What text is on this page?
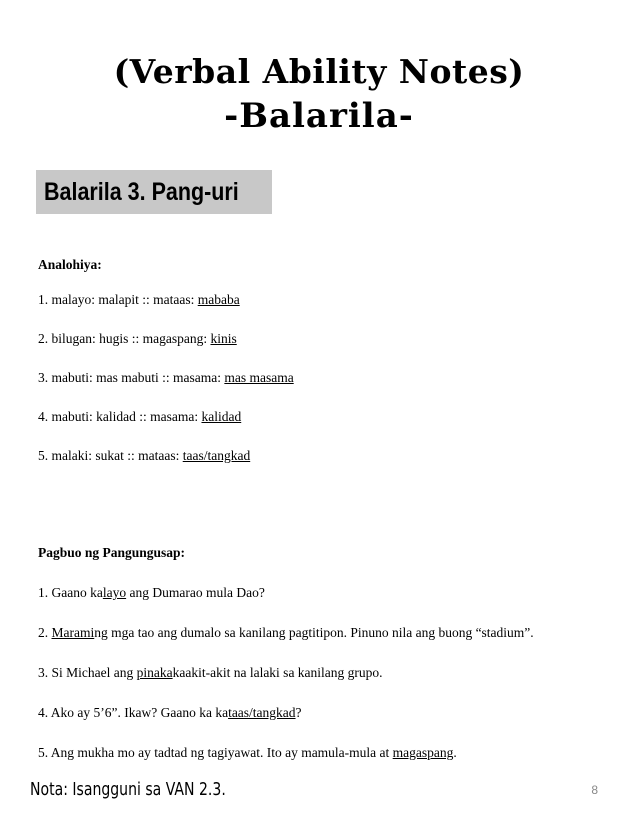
(Verbal Ability Notes)
-Balarila-
Balarila 3. Pang-uri
Analohiya:
1. malayo: malapit :: mataas: mababa
2. bilugan: hugis :: magaspang: kinis
3. mabuti: mas mabuti :: masama: mas masama
4. mabuti: kalidad :: masama: kalidad
5. malaki: sukat :: mataas: taas/tangkad
Pagbuo ng Pangungusap:
1. Gaano kalayo ang Dumarao mula Dao?
2. Maraming mga tao ang dumalo sa kanilang pagtitipon. Pinuno nila ang buong “stadium”.
3. Si Michael ang pinakakaakit-akit na lalaki sa kanilang grupo.
4. Ako ay 5’6”. Ikaw? Gaano ka kataas/tangkad?
5. Ang mukha mo ay tadtad ng tagiyawat. Ito ay mamula-mula at magaspang.
Nota: Isangguni sa VAN 2.3.	8
